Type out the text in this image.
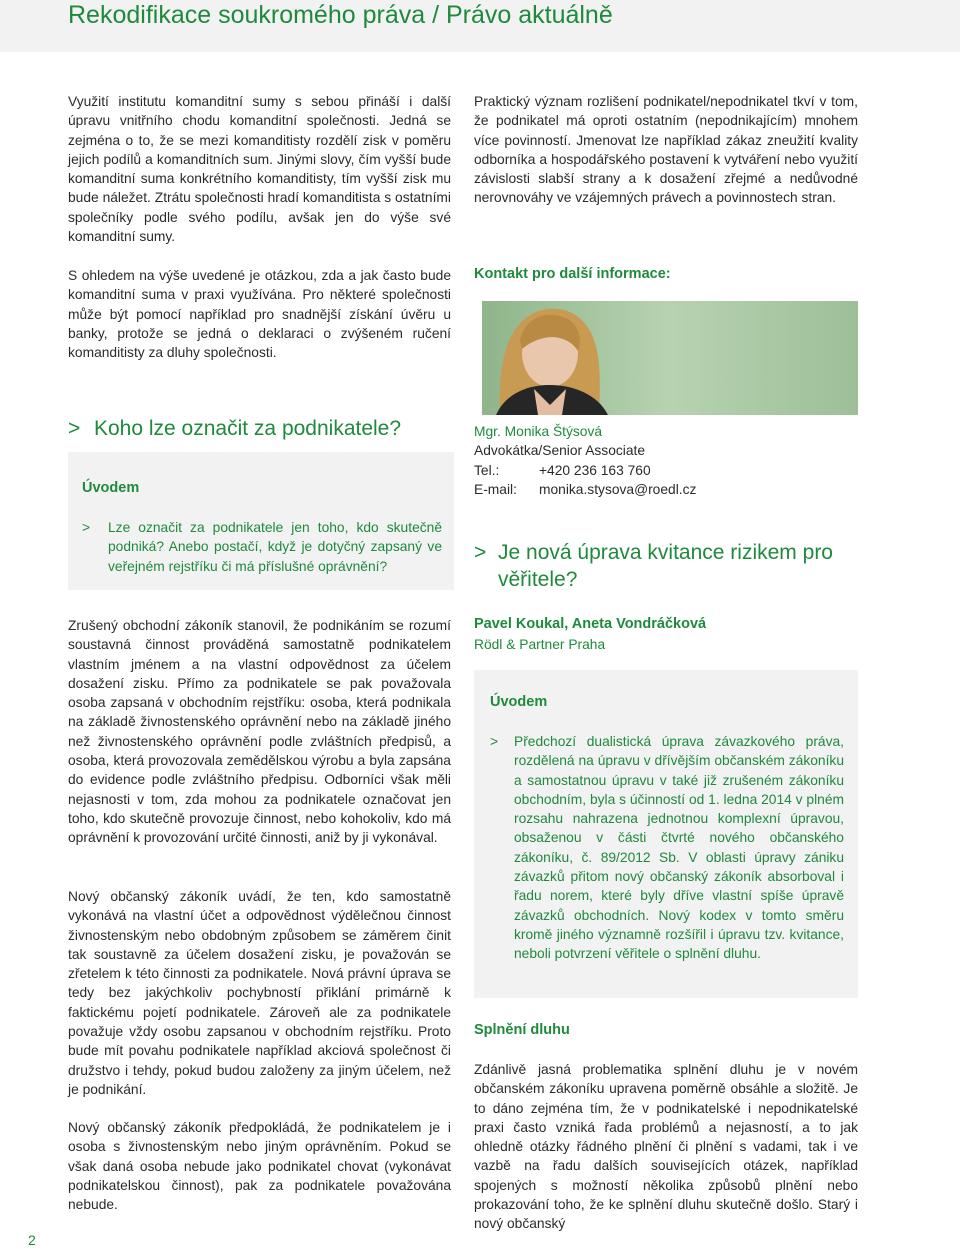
Rekodifikace soukromého práva / Právo aktuálně
Využití institutu komanditní sumy s sebou přináší i další úpravu vnitřního chodu komanditní společnosti. Jedná se zejména o to, že se mezi komanditisty rozdělí zisk v poměru jejich podílů a komanditních sum. Jinými slovy, čím vyšší bude komanditní suma konkrétního komanditisty, tím vyšší zisk mu bude náležet. Ztrátu společnosti hradí komanditista s ostatními společníky podle svého podílu, avšak jen do výše své komanditní sumy.
S ohledem na výše uvedené je otázkou, zda a jak často bude komanditní suma v praxi využívána. Pro některé společnosti může být pomocí například pro snadnější získání úvěru u banky, protože se jedná o deklaraci o zvýšeném ručení komanditisty za dluhy společnosti.
> Koho lze označit za podnikatele?
Úvodem
> Lze označit za podnikatele jen toho, kdo skutečně podniká? Anebo postačí, když je dotyčný zapsaný ve veřejném rejstříku či má příslušné oprávnění?
Zrušený obchodní zákoník stanovil, že podnikáním se rozumí soustavná činnost prováděná samostatně podnikatelem vlastním jménem a na vlastní odpovědnost za účelem dosažení zisku. Přímo za podnikatele se pak považovala osoba zapsaná v obchodním rejstříku: osoba, která podnikala na základě živnostenského oprávnění nebo na základě jiného než živnostenského oprávnění podle zvláštních předpisů, a osoba, která provozovala zemědělskou výrobu a byla zapsána do evidence podle zvláštního předpisu. Odborníci však měli nejasnosti v tom, zda mohou za podnikatele označovat jen toho, kdo skutečně provozuje činnost, nebo kohokoliv, kdo má oprávnění k provozování určité činnosti, aniž by ji vykonával.
Nový občanský zákoník uvádí, že ten, kdo samostatně vykonává na vlastní účet a odpovědnost výdělečnou činnost živnostenským nebo obdobným způsobem se záměrem činit tak soustavně za účelem dosažení zisku, je považován se zřetelem k této činnosti za podnikatele. Nová právní úprava se tedy bez jakýchkoliv pochybností přiklání primárně k faktickému pojetí podnikatele. Zároveň ale za podnikatele považuje vždy osobu zapsanou v obchodním rejstříku. Proto bude mít povahu podnikatele například akciová společnost či družstvo i tehdy, pokud budou založeny za jiným účelem, než je podnikání.
Nový občanský zákoník předpokládá, že podnikatelem je i osoba s živnostenským nebo jiným oprávněním. Pokud se však daná osoba nebude jako podnikatel chovat (vykonávat podnikatelskou činnost), pak za podnikatele považována nebude.
Praktický význam rozlišení podnikatel/nepodnikatel tkví v tom, že podnikatel má oproti ostatním (nepodnikajícím) mnohem více povinností. Jmenovat lze například zákaz zneužití kvality odborníka a hospodářského postavení k vytváření nebo využití závislosti slabší strany a k dosažení zřejmé a nedůvodné nerovnováhy ve vzájemných právech a povinnostech stran.
Kontakt pro další informace:
Mgr. Monika Štýsová
Advokátka/Senior Associate
Tel.:	+420 236 163 760
E-mail: monika.stysova@roedl.cz
> Je nová úprava kvitance rizikem pro
věřitele?
Pavel Koukal, Aneta Vondráčková
Rödl & Partner Praha
Úvodem
> Předchozí dualistická úprava závazkového práva, rozdělená na úpravu v dřívějším občanském zákoníku a samostatnou úpravu v také již zrušeném zákoníku obchodním, byla s účinností od 1. ledna 2014 v plném rozsahu nahrazena jednotnou komplexní úpravou, obsaženou v části čtvrté nového občanského zákoníku, č. 89/2012 Sb. V oblasti úpravy zániku závazků přitom nový občanský zákoník absorboval i řadu norem, které byly dříve vlastní spíše úpravě závazků obchodních. Nový kodex v tomto směru kromě jiného významně rozšířil i úpravu tzv. kvitance, neboli potvrzení věřitele o splnění dluhu.
Splnění dluhu
Zdánlivě jasná problematika splnění dluhu je v novém občanském zákoníku upravena poměrně obsáhle a složitě. Je to dáno zejména tím, že v podnikatelské i nepodnikatelské praxi často vzniká řada problémů a nejasností, a to jak ohledně otázky řádného plnění či plnění s vadami, tak i ve vazbě na řadu dalších souvisejících otázek, například spojených s možností několika způsobů plnění nebo prokazování toho, že ke splnění dluhu skutečně došlo. Starý i nový občanský
2
